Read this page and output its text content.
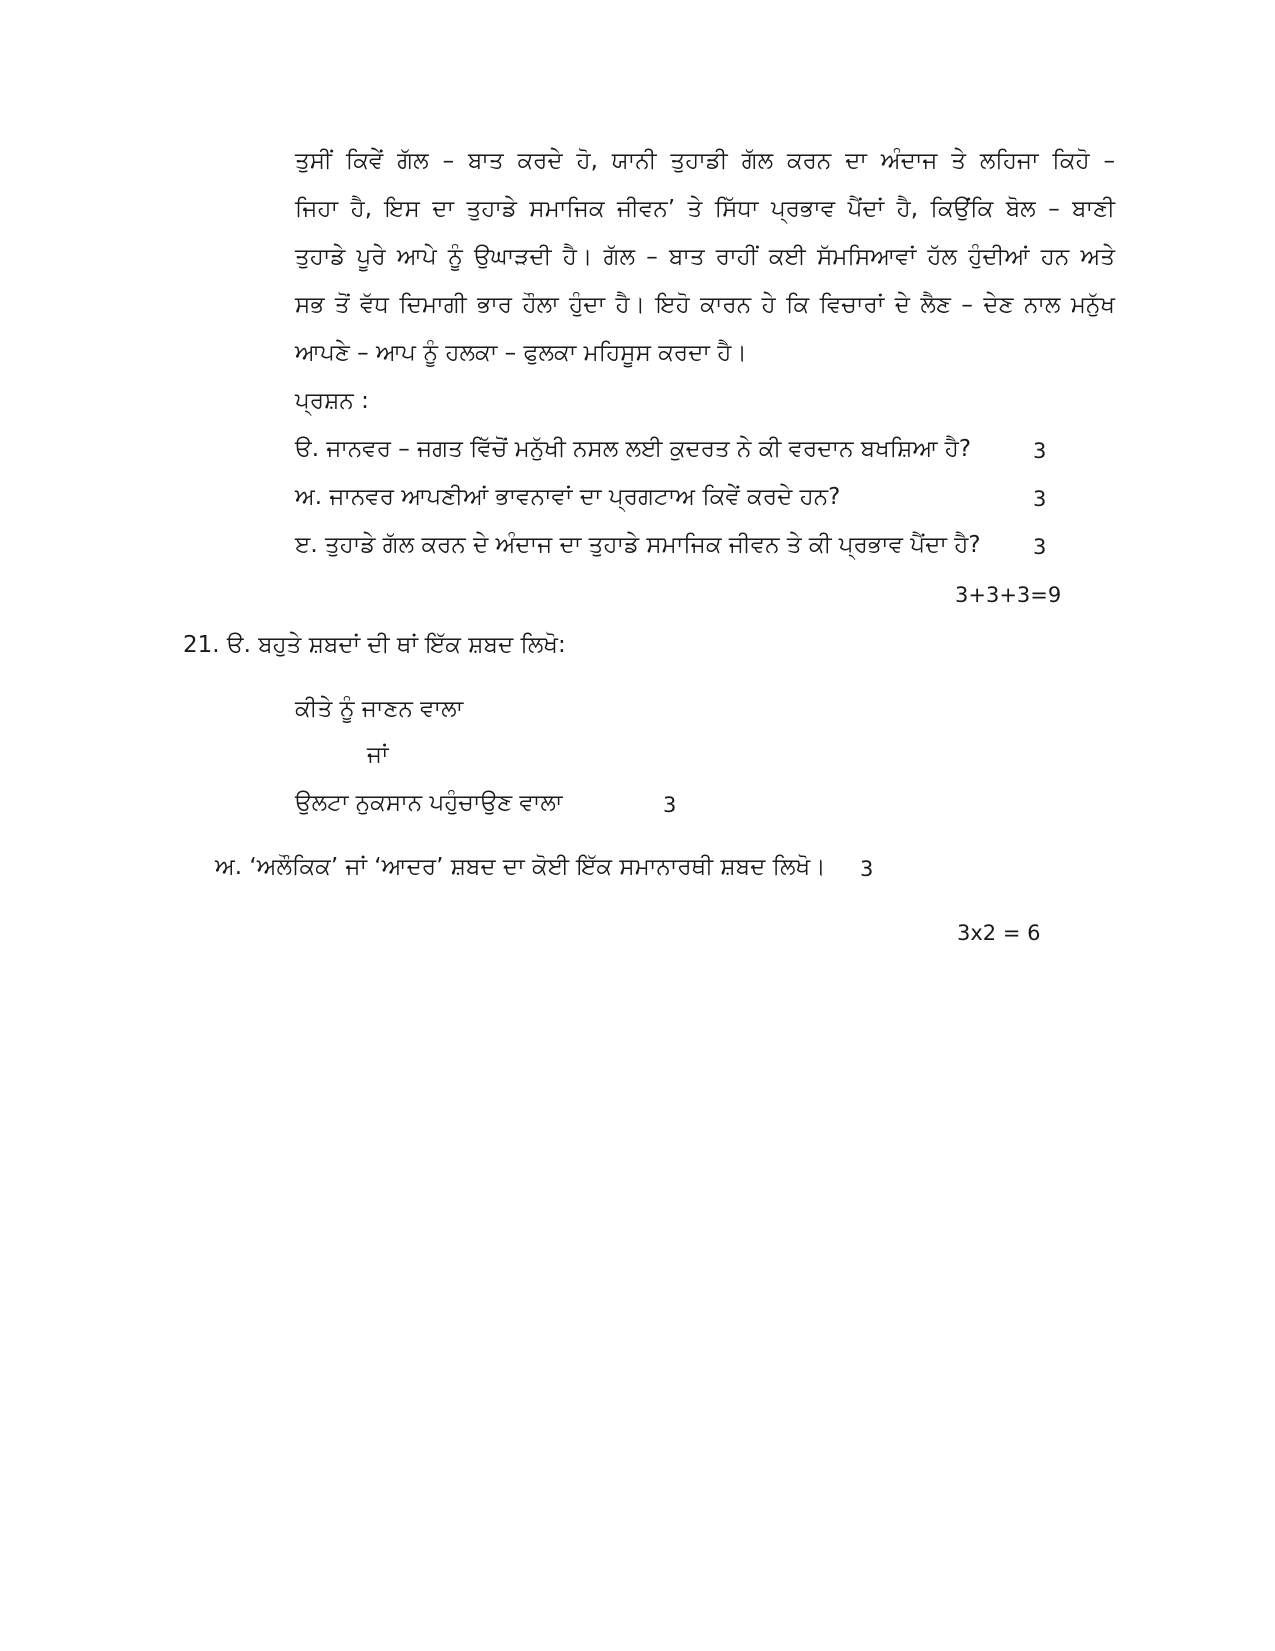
ਤੁਸੀਂ ਕਿਵੇਂ ਗੱਲ – ਬਾਤ ਕਰਦੇ ਹੋ, ਯਾਨੀ ਤੁਹਾਡੀ ਗੱਲ ਕਰਨ ਦਾ ਅੰਦਾਜ ਤੇ ਲਹਿਜਾ ਕਿਹੋ –
ਜਿਹਾ ਹੈ, ਇਸ ਦਾ ਤੁਹਾਡੇ ਸਮਾਜਿਕ ਜੀਵਨ’ ਤੇ ਸਿੱਧਾ ਪ੍ਰਭਾਵ ਪੈਂਦਾਂ ਹੈ, ਕਿਉਂਕਿ ਬੋਲ – ਬਾਣੀ
ਤੁਹਾਡੇ ਪੂਰੇ ਆਪੇ ਨੂੰ ਉਘਾੜਦੀ ਹੈ। ਗੱਲ – ਬਾਤ ਰਾਹੀਂ ਕਈ ਸੱਮਸਿਆਵਾਂ ਹੱਲ ਹੁੰਦੀਆਂ ਹਨ ਅਤੇ
ਸਭ ਤੋਂ ਵੱਧ ਦਿਮਾਗੀ ਭਾਰ ਹੌਲਾ ਹੁੰਦਾ ਹੈ। ਇਹੋ ਕਾਰਨ ਹੇ ਕਿ ਵਿਚਾਰਾਂ ਦੇ ਲੈਣ – ਦੇਣ ਨਾਲ ਮਨੁੱਖ
ਆਪਣੇ – ਆਪ ਨੂੰ ਹਲਕਾ – ਫੁਲਕਾ ਮਹਿਸੂਸ ਕਰਦਾ ਹੈ।
ਪ੍ਰਸ਼ਨ :
ੳ. ਜਾਨਵਰ – ਜਗਤ ਵਿੱਚੋਂ ਮਨੁੱਖੀ ਨਸਲ ਲਈ ਕੁਦਰਤ ਨੇ ਕੀ ਵਰਦਾਨ ਬਖਸ਼ਿਆ ਹੈ?	3
ਅ. ਜਾਨਵਰ ਆਪਣੀਆਂ ਭਾਵਨਾਵਾਂ ਦਾ ਪ੍ਰਗਟਾਅ ਕਿਵੇਂ ਕਰਦੇ ਹਨ?	3
ੲ. ਤੁਹਾਡੇ ਗੱਲ ਕਰਨ ਦੇ ਅੰਦਾਜ ਦਾ ਤੁਹਾਡੇ ਸਮਾਜਿਕ ਜੀਵਨ ਤੇ ਕੀ ਪ੍ਰਭਾਵ ਪੈਂਦਾ ਹੈ? 3
3+3+3=9
21. ੳ. ਬਹੁਤੇ ਸ਼ਬਦਾਂ ਦੀ ਥਾਂ ਇੱਕ ਸ਼ਬਦ ਲਿਖੋ:
ਕੀਤੇ ਨੂੰ ਜਾਣਨ ਵਾਲਾ
ਜਾਂ
ਉਲਟਾ ਨੁਕਸਾਨ ਪਹੁੰਚਾਉਣ ਵਾਲਾ	3
ਅ. ‘ਅਲੌਕਿਕ’ ਜਾਂ ‘ਆਦਰ’ ਸ਼ਬਦ ਦਾ ਕੋਈ ਇੱਕ ਸਮਾਨਾਰਥੀ ਸ਼ਬਦ ਲਿਖੋ। 3
3x2 = 6
